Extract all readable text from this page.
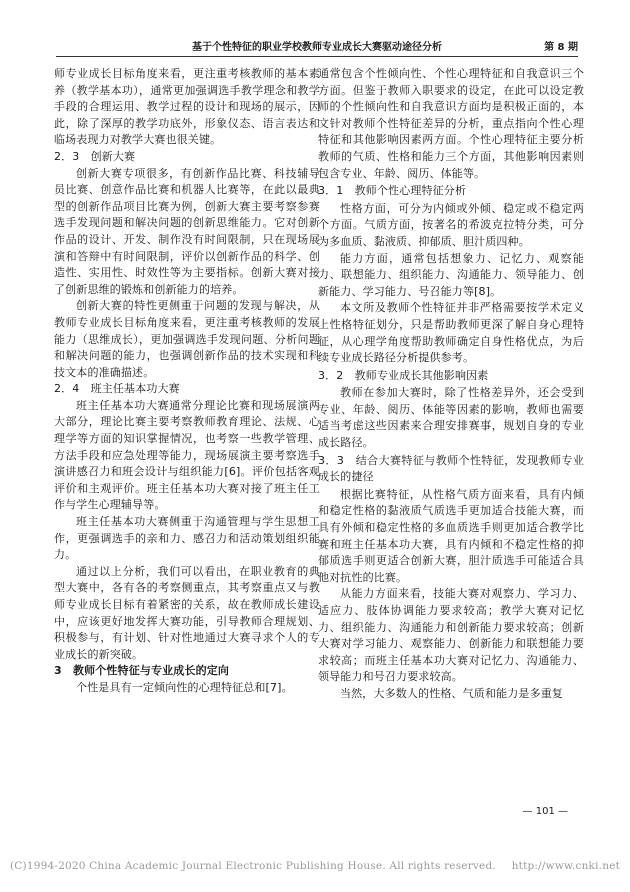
基于个性特征的职业学校教师专业成长大赛驱动途径分析	第 8 期

师专业成长目标角度来看，更注重考核教师的基本素养（教学基本功），通常更加强调选手教学理念和教学手段的合理运用、教学过程的设计和现场的展示，因此，除了深厚的教学功底外，形象仪态、语言表达和临场表现力对教学大赛也很关键。

2．3　创新大赛

创新大赛专项很多，有创新作品比赛、科技辅导员比赛、创意作品比赛和机器人比赛等，在此以最典型的创新作品项目比赛为例，创新大赛主要考察参赛选手发现问题和解决问题的创新思维能力。它对创新作品的设计、开发、制作没有时间限制，只在现场展演和答辩中有时间限制，评价以创新作品的科学、创造性、实用性、时效性等为主要指标。创新大赛对接了创新思维的锻炼和创新能力的培养。

创新大赛的特性更侧重于问题的发现与解决，从教师专业成长目标角度来看，更注重考核教师的发展能力（思维成长），更加强调选手发现问题、分析问题和解决问题的能力，也强调创新作品的技术实现和科技文本的准确描述。

2．4　班主任基本功大赛

班主任基本功大赛通常分理论比赛和现场展演两大部分，理论比赛主要考察教师教育理论、法规、心理学等方面的知识掌握情况，也考察一些教学管理、方法手段和应急处理等能力，现场展演主要考察选手演讲感召力和班会设计与组织能力[6]。评价包括客观评价和主观评价。班主任基本功大赛对接了班主任工作与学生心理辅导等。

班主任基本功大赛侧重于沟通管理与学生思想工作，更强调选手的亲和力、感召力和活动策划组织能力。

通过以上分析，我们可以看出，在职业教育的典型大赛中，各有各的考察侧重点，其考察重点又与教师专业成长目标有着紧密的关系，故在教师成长建设中，应该更好地发挥大赛功能，引导教师合理规划、积极参与，有计划、针对性地通过大赛寻求个人的专业成长的新突破。

3　教师个性特征与专业成长的定向

个性是具有一定倾向性的心理特征总和[7]。

通常包含个性倾向性、个性心理特征和自我意识三个方面。但鉴于教师入职要求的设定，在此可以设定教师的个性倾向性和自我意识方面均是积极正面的，本文针对教师个性特征差异的分析，重点指向个性心理特征和其他影响因素两方面。个性心理特征主要分析教师的气质、性格和能力三个方面，其他影响因素则包含专业、年龄、阅历、体能等。

3．1　教师个性心理特征分析

性格方面，可分为内倾或外倾、稳定或不稳定两个方面。气质方面，按著名的希波克拉特分类，可分为多血质、黏液质、抑郁质、胆汁质四种。

能力方面，通常包括想象力、记忆力、观察能力、联想能力、组织能力、沟通能力、领导能力、创新能力、学习能力、号召能力等[8]。

本文所及教师个性特征并非严格需要按学术定义上性格特征划分，只是帮助教师更深了解自身心理特征，从心理学角度帮助教师确定自身性格优点，为后续专业成长路径分析提供参考。

3．2　教师专业成长其他影响因素

教师在参加大赛时，除了性格差异外，还会受到专业、年龄、阅历、体能等因素的影响，教师也需要适当考虑这些因素来合理安排赛事，规划自身的专业成长路径。

3．3　结合大赛特征与教师个性特征，发现教师专业成长的捷径

根据比赛特征，从性格气质方面来看，具有内倾和稳定性格的黏液质气质选手更加适合技能大赛，而具有外倾和稳定性格的多血质选手则更加适合教学比赛和班主任基本功大赛，具有内倾和不稳定性格的抑郁质选手则更适合创新大赛，胆汁质选手可能适合具他对抗性的比赛。

从能力方面来看，技能大赛对观察力、学习力、适应力、肢体协调能力要求较高；教学大赛对记忆力、组织能力、沟通能力和创新能力要求较高；创新大赛对学习能力、观察能力、创新能力和联想能力要求较高；而班主任基本功大赛对记忆力、沟通能力、领导能力和号召力要求较高。

当然，大多数人的性格、气质和能力是多重复

— 101 —
(C)1994-2020 China Academic Journal Electronic Publishing House. All rights reserved. http://www.cnki.net
